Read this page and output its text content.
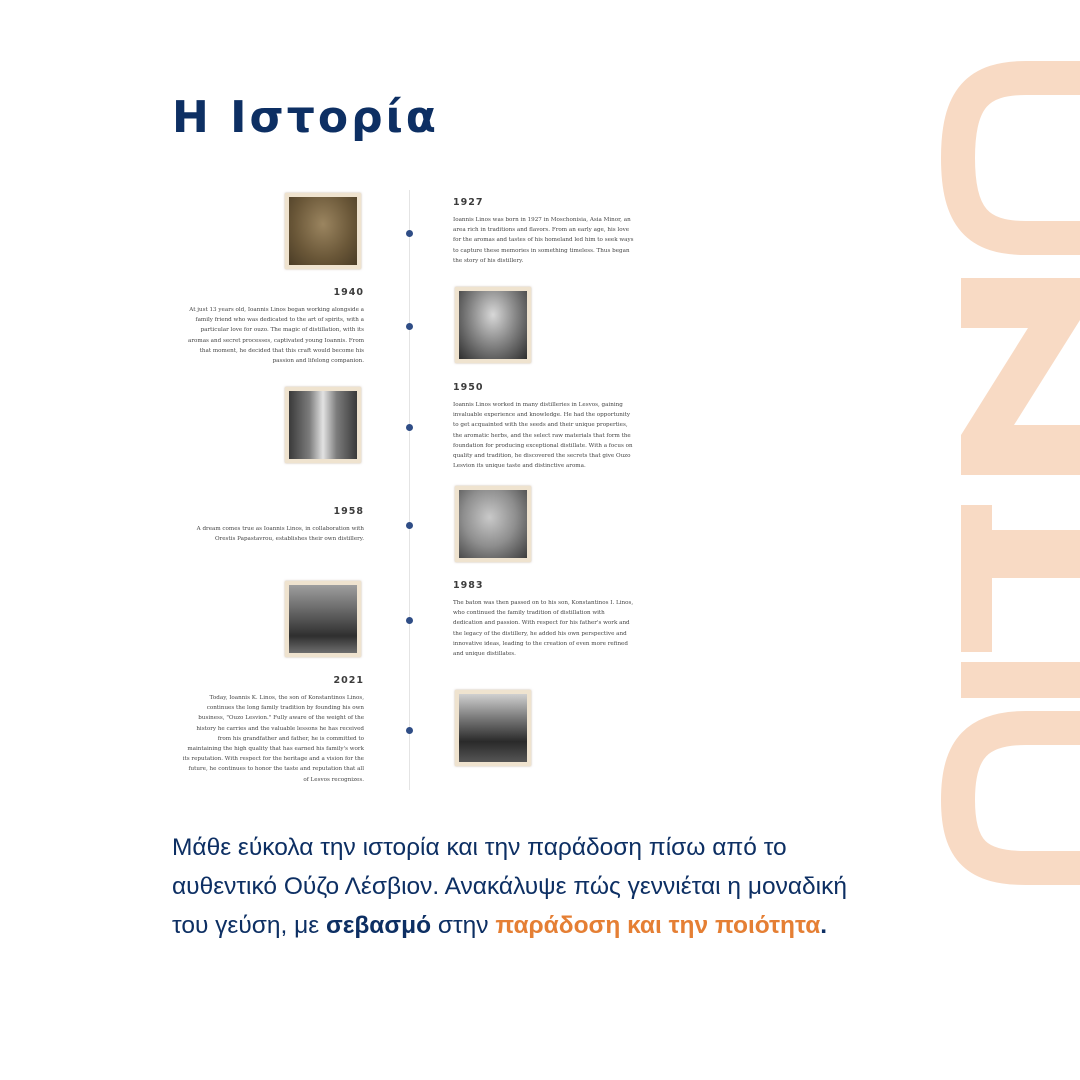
Η Ιστορία
1927

Ioannis Linos was born in 1927 in Moschonisia, Asia Minor, an area rich in traditions and flavors. From an early age, his love for the aromas and tastes of his homeland led him to seek ways to capture these memories in something timeless. Thus began the story of his distillery.

1940

At just 13 years old, Ioannis Linos began working alongside a family friend who was dedicated to the art of spirits, with a particular love for ouzo. The magic of distillation, with its aromas and secret processes, captivated young Ioannis. From that moment, he decided that this craft would become his passion and lifelong companion.

1950

Ioannis Linos worked in many distilleries in Lesvos, gaining invaluable experience and knowledge. He had the opportunity to get acquainted with the seeds and their unique properties, the aromatic herbs, and the select raw materials that form the foundation for producing exceptional distillate. With a focus on quality and tradition, he discovered the secrets that give Ouzo Lesvion its unique taste and distinctive aroma.

1958

A dream comes true as Ioannis Linos, in collaboration with Orestis Papastavrou, establishes their own distillery.

1983

The baton was then passed on to his son, Konstantinos I. Linos, who continued the family tradition of distillation with dedication and passion. With respect for his father's work and the legacy of the distillery, he added his own perspective and innovative ideas, leading to the creation of even more refined and unique distillates.

2021

Today, Ioannis K. Linos, the son of Konstantinos Linos, continues the long family tradition by founding his own business, "Ouzo Lesvion." Fully aware of the weight of the history he carries and the valuable lessons he has received from his grandfather and father, he is committed to maintaining the high quality that has earned his family's work its reputation. With respect for the heritage and a vision for the future, he continues to honor the taste and reputation that all of Lesvos recognizes.

Μάθε εύκολα την ιστορία και την παράδοση πίσω από το αυθεντικό Ούζο Λέσβιον. Ανακάλυψε πώς γεννιέται η μοναδική του γεύση, με σεβασμό στην παράδοση και την ποιότητα.
